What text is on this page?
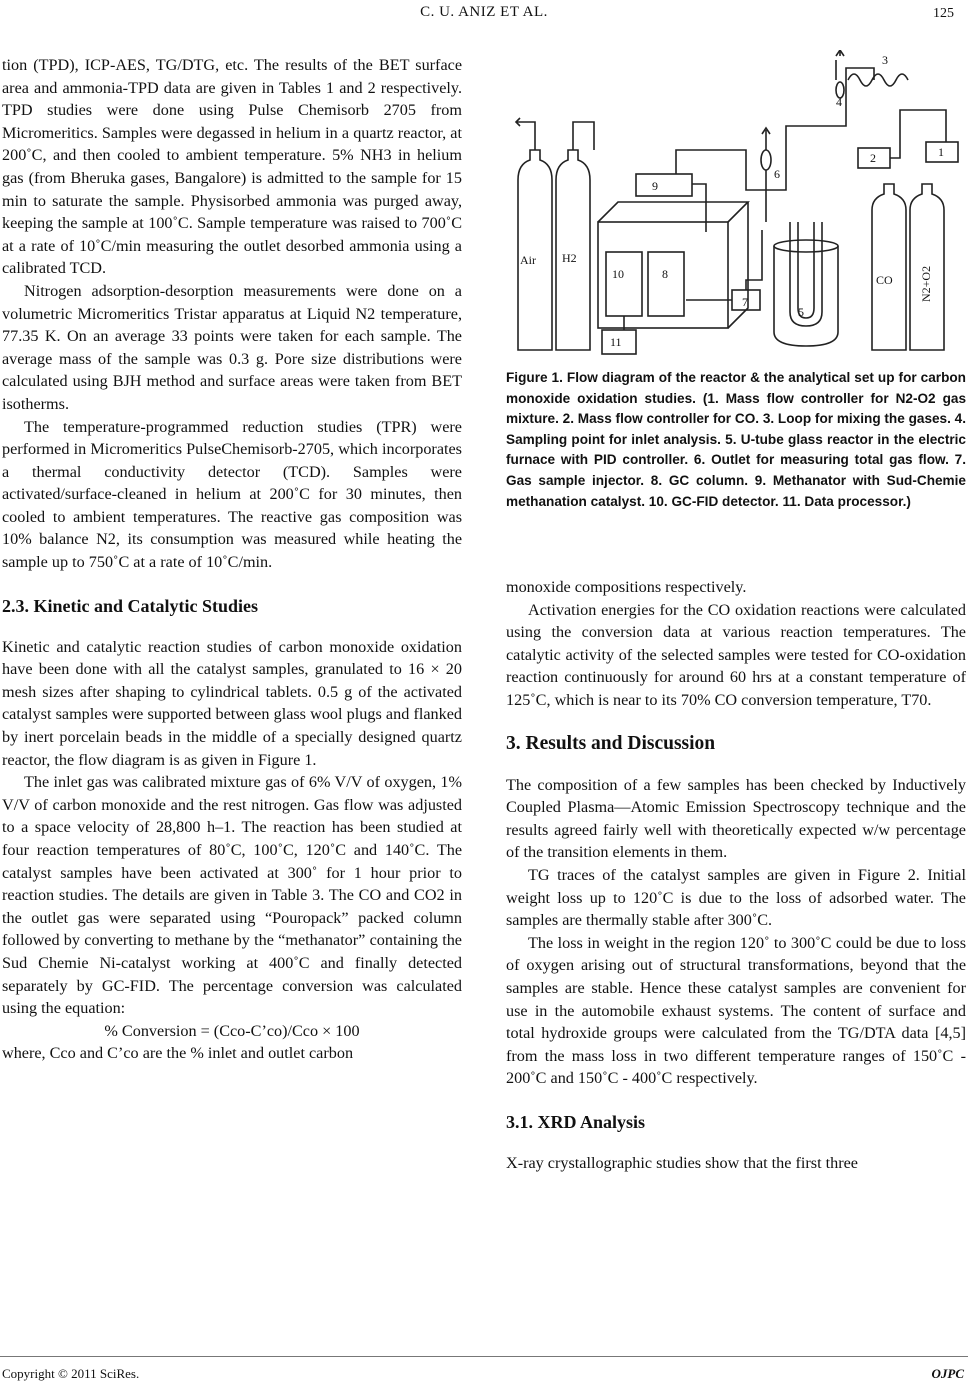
C. U. ANIZ ET AL.	125

tion (TPD), ICP-AES, TG/DTG, etc. The results of the BET surface area and ammonia-TPD data are given in Tables 1 and 2 respectively. TPD studies were done using Pulse Chemisorb 2705 from Micromeritics. Samples were degassed in helium in a quartz reactor, at 200˚C, and then cooled to ambient temperature. 5% NH3 in helium gas (from Bheruka gases, Bangalore) is admitted to the sample for 15 min to saturate the sample. Physisorbed ammonia was purged away, keeping the sample at 100˚C. Sample temperature was raised to 700˚C at a rate of 10˚C/min measuring the outlet desorbed ammonia using a calibrated TCD.

Nitrogen adsorption-desorption measurements were done on a volumetric Micromeritics Tristar apparatus at Liquid N2 temperature, 77.35 K. On an average 33 points were taken for each sample. The average mass of the sample was 0.3 g. Pore size distributions were calculated using BJH method and surface areas were taken from BET isotherms.

The temperature-programmed reduction studies (TPR) were performed in Micromeritics PulseChemisorb-2705, which incorporates a thermal conductivity detector (TCD). Samples were activated/surface-cleaned in helium at 200˚C for 30 minutes, then cooled to ambient temperatures. The reactive gas composition was 10% balance N2, its consumption was measured while heating the sample up to 750˚C at a rate of 10˚C/min.

2.3. Kinetic and Catalytic Studies

Kinetic and catalytic reaction studies of carbon monoxide oxidation have been done with all the catalyst samples, granulated to 16 × 20 mesh sizes after shaping to cylindrical tablets. 0.5 g of the activated catalyst samples were supported between glass wool plugs and flanked by inert porcelain beads in the middle of a specially designed quartz reactor, the flow diagram is as given in Figure 1.

The inlet gas was calibrated mixture gas of 6% V/V of oxygen, 1% V/V of carbon monoxide and the rest nitrogen. Gas flow was adjusted to a space velocity of 28,800 h–1. The reaction has been studied at four reaction temperatures of 80˚C, 100˚C, 120˚C and 140˚C. The catalyst samples have been activated at 300˚ for 1 hour prior to reaction studies. The details are given in Table 3. The CO and CO2 in the outlet gas were separated using “Pouropack” packed column followed by converting to methane by the “methanator” containing the Sud Chemie Ni-catalyst working at 400˚C and finally detected separately by GC-FID. The percentage conversion was calculated using the equation:

% Conversion = (Cco-C’co)/Cco × 100

where, Cco and C’co are the % inlet and outlet carbon

Air H2
CO N2+O2
1
2
3
4
5
6
7
8
9
10
11
Figure 1. Flow diagram of the reactor & the analytical set up for carbon monoxide oxidation studies. (1. Mass flow controller for N2-O2 gas mixture. 2. Mass flow controller for CO. 3. Loop for mixing the gases. 4. Sampling point for inlet analysis. 5. U-tube glass reactor in the electric furnace with PID controller. 6. Outlet for measuring total gas flow. 7. Gas sample injector. 8. GC column. 9. Methanator with Sud-Chemie methanation catalyst. 10. GC-FID detector. 11. Data processor.)

monoxide compositions respectively.

Activation energies for the CO oxidation reactions were calculated using the conversion data at various reaction temperatures. The catalytic activity of the selected samples were tested for CO-oxidation reaction continuously for around 60 hrs at a constant temperature of 125˚C, which is near to its 70% CO conversion temperature, T70.

3. Results and Discussion

The composition of a few samples has been checked by Inductively Coupled Plasma―Atomic Emission Spectroscopy technique and the results agreed fairly well with theoretically expected w/w percentage of the transition elements in them.

TG traces of the catalyst samples are given in Figure 2. Initial weight loss up to 120˚C is due to the loss of adsorbed water. The samples are thermally stable after 300˚C.

The loss in weight in the region 120˚ to 300˚C could be due to loss of oxygen arising out of structural transformations, beyond that the samples are stable. Hence these catalyst samples are convenient for use in the automobile exhaust systems. The content of surface and total hydroxide groups were calculated from the TG/DTA data [4,5] from the mass loss in two different temperature ranges of 150˚C - 200˚C and 150˚C - 400˚C respectively.

3.1. XRD Analysis

X-ray crystallographic studies show that the first three

Copyright © 2011 SciRes.	OJPC
